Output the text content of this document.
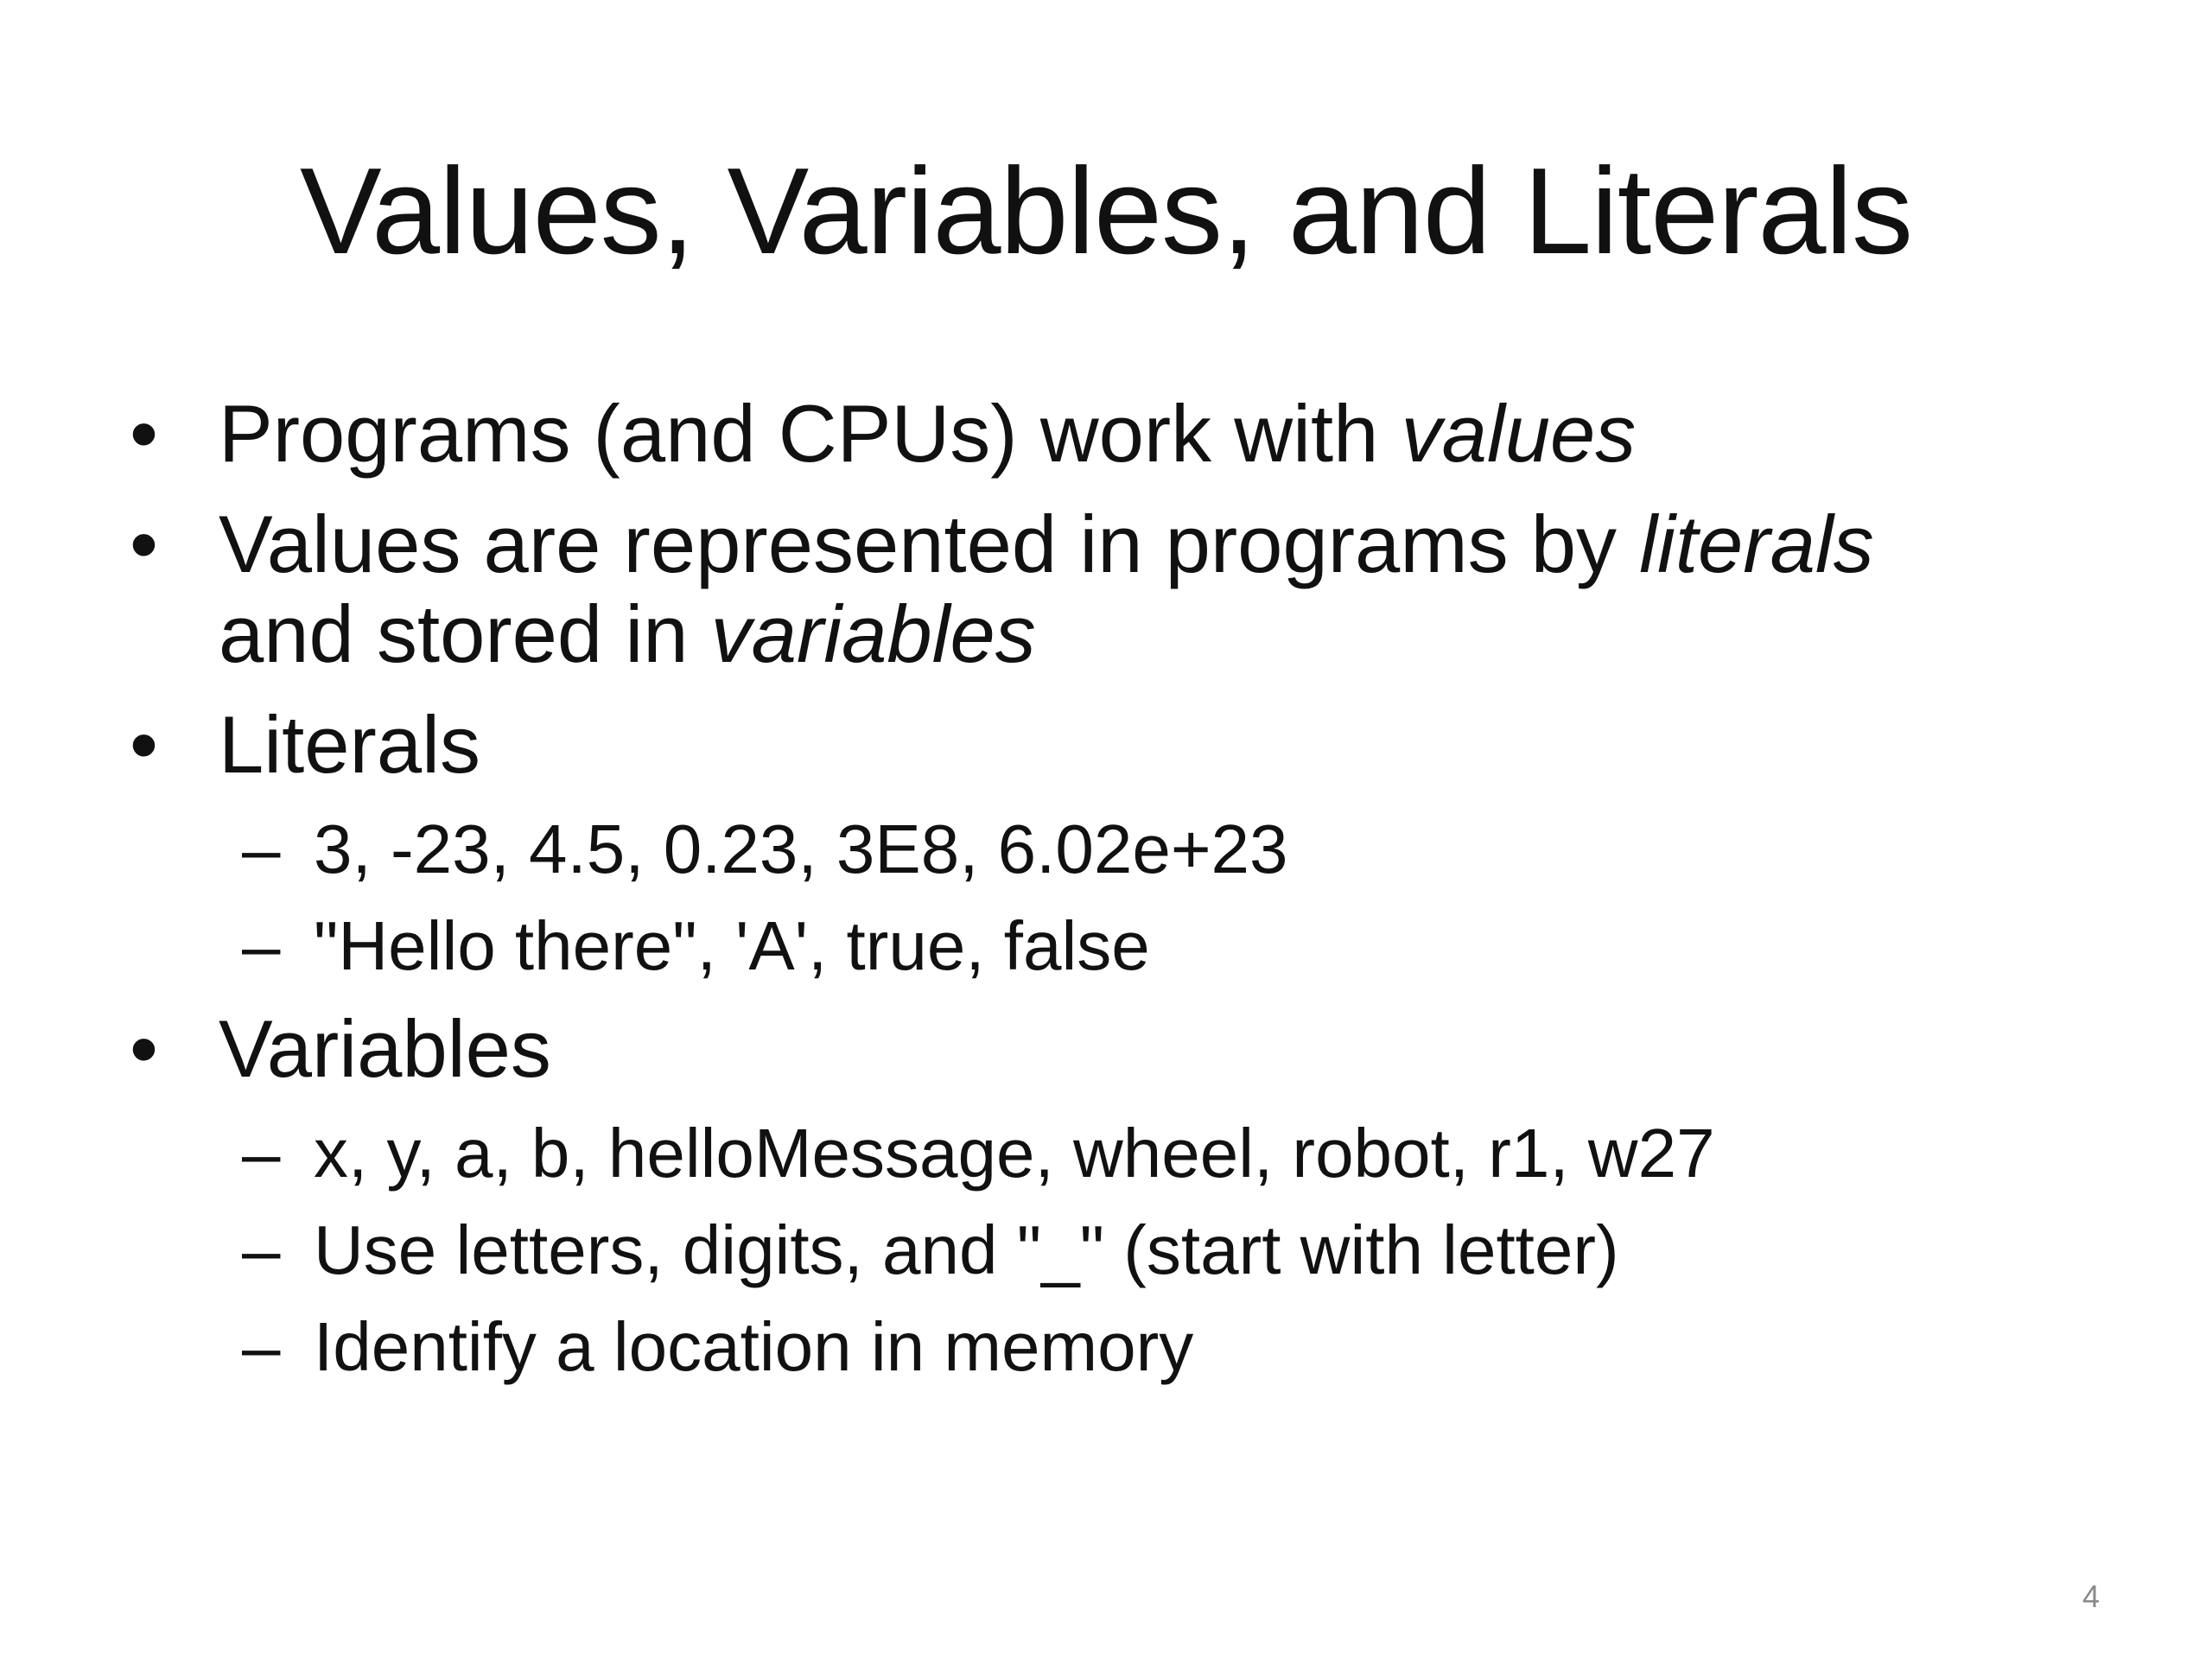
Values, Variables, and Literals
• Programs (and CPUs) work with values
• Values are represented in programs by literals
and stored in variables
• Literals
– 3, -23, 4.5, 0.23, 3E8, 6.02e+23
– "Hello there", 'A', true, false
• Variables
– x, y, a, b, helloMessage, wheel, robot, r1, w27
– Use letters, digits, and "_" (start with letter)
– Identify a location in memory
4
